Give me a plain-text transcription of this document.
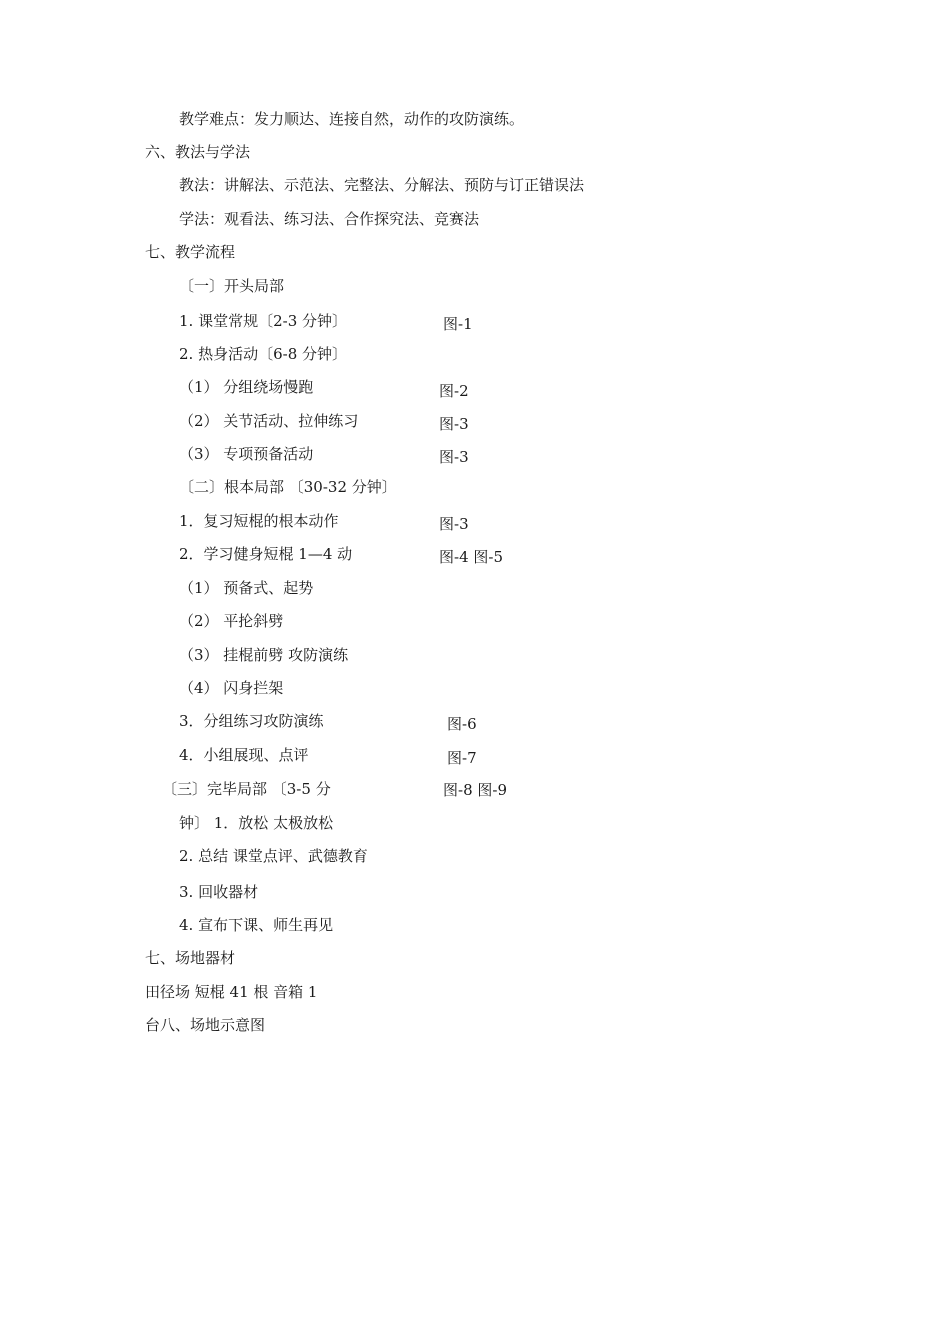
教学难点：发力顺达、连接自然，动作的攻防演练。
六、教法与学法
教法：讲解法、示范法、完整法、分解法、预防与订正错误法
学法：观看法、练习法、合作探究法、竞赛法
七、教学流程
〔一〕开头局部
1. 课堂常规〔2-3 分钟〕	图-1
2. 热身活动〔6-8 分钟〕
（1） 分组绕场慢跑	图-2
（2） 关节活动、拉伸练习	图-3
（3） 专项预备活动	图-3
〔二〕根本局部 〔30-32 分钟〕
1．复习短棍的根本动作	图-3
2．学习健身短棍 1—4 动	图-4 图-5
（1） 预备式、起势
（2） 平抡斜劈
（3） 挂棍前劈 攻防演练
（4） 闪身拦架
3．分组练习攻防演练	图-6
4．小组展现、点评	图-7
〔三〕完毕局部 〔3-5 分	图-8 图-9
钟〕 1．放松 太极放松
2. 总结 课堂点评、武德教育
3. 回收器材
4. 宣布下课、师生再见
七、场地器材
田径场 短棍 41 根 音箱 1
台八、场地示意图
